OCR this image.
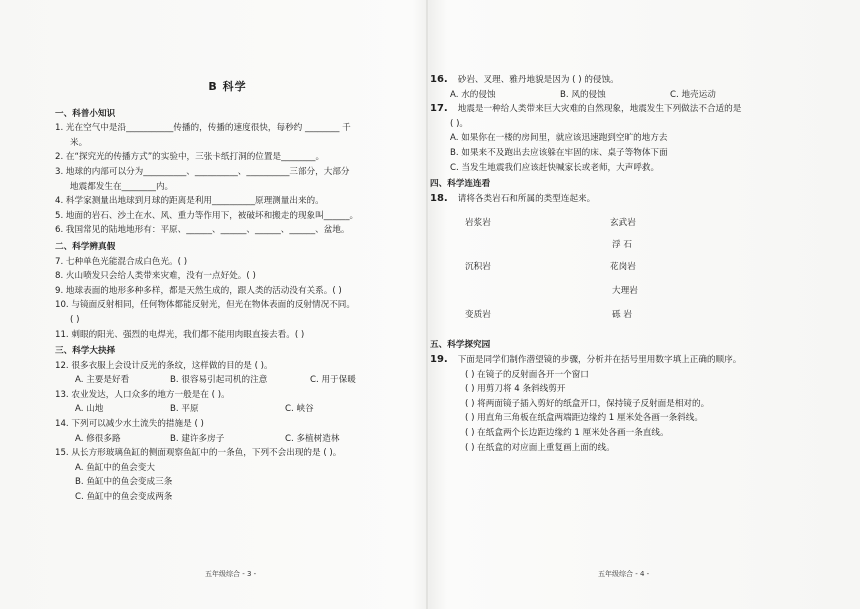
B 科学
一、科普小知识
1. 光在空气中是沿___________传播的，传播的速度很快，每秒约 ________ 千
米。
2. 在“探究光的传播方式”的实验中，三张卡纸打洞的位置是________。
3. 地球的内部可以分为__________、__________、__________三部分，大部分
地震都发生在________内。
4. 科学家测量出地球到月球的距离是利用__________原理测量出来的。
5. 地面的岩石、沙土在水、风、重力等作用下，被破坏和搬走的现象叫______。
6. 我国常见的陆地地形有：平原、______、______、______、______、盆地。
二、科学辨真假
7. 七种单色光能混合成白色光。( )
8. 火山喷发只会给人类带来灾难，没有一点好处。( )
9. 地球表面的地形多种多样，都是天然生成的，跟人类的活动没有关系。( )
10. 与镜面反射相同，任何物体都能反射光，但光在物体表面的反射情况不同。
( )
11. 刺眼的阳光、强烈的电焊光，我们都不能用肉眼直接去看。( )
三、科学大抉择
12. 很多衣服上会设计反光的条纹，这样做的目的是 ( )。
A. 主要是好看	B. 很容易引起司机的注意	C. 用于保暖
13. 农业发达，人口众多的地方一般是在 ( )。
A. 山地	B. 平原	C. 峡谷
14. 下列可以减少水土流失的措施是 ( )
A. 修很多路	B. 建许多房子	C. 多植树造林
15. 从长方形玻璃鱼缸的侧面观察鱼缸中的一条鱼，下列不会出现的是 ( )。
A. 鱼缸中的鱼会变大
B. 鱼缸中的鱼会变成三条
C. 鱼缸中的鱼会变成两条
五年级综合 - 3 -
16. 砂岩、叉理、雅丹地貌是因为 ( ) 的侵蚀。
A. 水的侵蚀	B. 风的侵蚀	C. 地壳运动
17. 地震是一种给人类带来巨大灾难的自然现象，地震发生下列做法不合适的是
( )。
A. 如果你在一楼的房间里，就应该迅速跑到空旷的地方去
B. 如果来不及跑出去应该躲在牢固的床、桌子等物体下面
C. 当发生地震我们应该赶快喊家长或老师，大声呼救。
四、科学连连看
18. 请将各类岩石和所属的类型连起来。
岩浆岩
沉积岩
变质岩
玄武岩
浮 石
花岗岩
大理岩
砾 岩
五、科学探究园
19. 下面是同学们制作潜望镜的步骤，分析并在括号里用数字填上正确的顺序。
( ) 在镜子的反射面各开一个窗口
( ) 用剪刀将 4 条斜线剪开
( ) 将两面镜子插入剪好的纸盒开口，保持镜子反射面是相对的。
( ) 用直角三角板在纸盒两端距边缘约 1 厘米处各画一条斜线。
( ) 在纸盒两个长边距边缘约 1 厘米处各画一条直线。
( ) 在纸盒的对应面上重复画上面的线。
五年级综合 - 4 -
